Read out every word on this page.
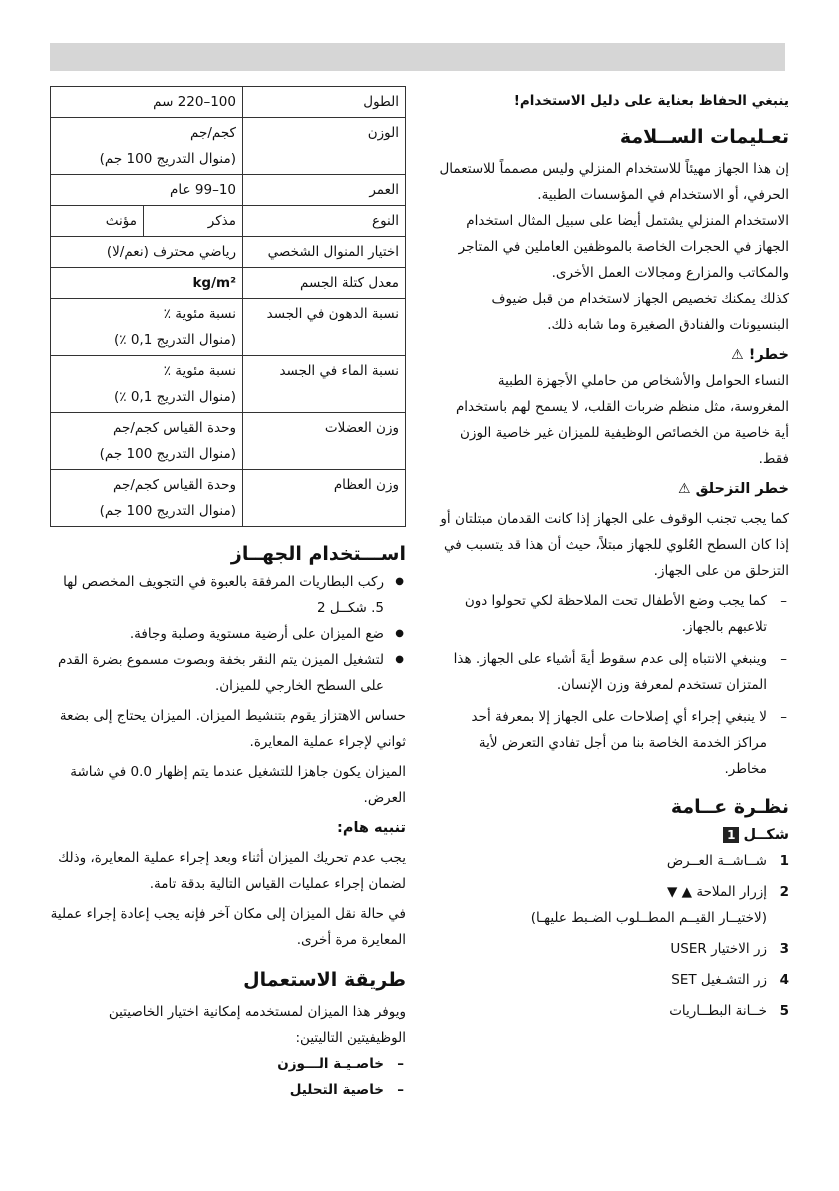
ينبغي الحفاظ بعناية على دليل الاستخدام!

تعـليمات الســلامة

إن هذا الجهاز مهيئاً للاستخدام المنزلي وليس مصمماً للاستعمال الحرفي، أو الاستخدام في المؤسسات الطبية.

الاستخدام المنزلي يشتمل أيضا على سبيل المثال استخدام الجهاز في الحجرات الخاصة بالموظفين العاملين في المتاجر والمكاتب والمزارع ومجالات العمل الأخرى.

كذلك يمكنك تخصيص الجهاز لاستخدام من قبل ضيوف البنسيونات والفنادق الصغيرة وما شابه ذلك.

خطر! ⚠

النساء الحوامل والأشخاص من حاملي الأجهزة الطبية المغروسة، مثل منظم ضربات القلب، لا يسمح لهم باستخدام أية خاصية من الخصائص الوظيفية للميزان غير خاصية الوزن فقط.

خطر التزحلق ⚠

كما يجب تجنب الوقوف على الجهاز إذا كانت القدمان مبتلتان أو إذا كان السطح العُلوي للجهاز مبتلاً، حيث أن هذا قد يتسبب في التزحلق من على الجهاز.

– كما يجب وضع الأطفال تحت الملاحظة لكي تحولوا دون تلاعبهم بالجهاز.
– وينبغي الانتباه إلى عدم سقوط أيةَ أشياء على الجهاز. هذا المتزان تستخدم لمعرفة وزن الإنسان.
– لا ينبغي إجراء أي إصلاحات على الجهاز إلا بمعرفة أحد مراكز الخدمة الخاصة بنا من أجل تفادي التعرض لأية مخاطر.

نظـرة عــامة

شكــل1

1
شــاشــة العــرض
2
إزرار الملاحة ▲ ▼
(لاختيــار القيــم المطــلوب الضـبط عليهـا)
3
زر الاختيار USER
4
زر التشـغيل SET
5
خــانة البطــاريات
الطول	100–220 سم	
الوزن	كجم/جم
(منوال التدريج 100 جم)	

العمر	10–99 عام	
النوع	مذكر	مؤنث
اختيار المنوال الشخصي	رياضي محترف (نعم/لا)	
معدل كتلة الجسم	kg/m²	
نسبة الدهون في الجسد	نسبة مئوية ٪
(منوال التدريج 0,1 ٪)	

نسبة الماء في الجسد	نسبة مئوية ٪
(منوال التدريج 0,1 ٪)	

وزن العضلات	وحدة القياس كجم/جم
(منوال التدريج 100 جم)	

وزن العظام	وحدة القياس كجم/جم
(منوال التدريج 100 جم)	

اســـتخدام الجهــاز

● ركب البطاريات المرفقة بالعبوة في التجويف المخصص لها 5. شكــل 2
● ضع الميزان على أرضية مستوية وصلبة وجافة.
● لتشغيل الميزن يتم النقر بخفة وبصوت مسموع بضرة القدم على السطح الخارجي للميزان.

حساس الاهتزاز يقوم بتنشيط الميزان. الميزان يحتاج إلى بضعة ثواني لإجراء عملية المعايرة.

الميزان يكون جاهزا للتشغيل عندما يتم إظهار 0.0 في شاشة العرض.

تنبيه هام:

يجب عدم تحريك الميزان أثناء وبعد إجراء عملية المعايرة، وذلك لضمان إجراء عمليات القياس التالية بدقة تامة.

في حالة نقل الميزان إلى مكان آخر فإنه يجب إعادة إجراء عملية المعايرة مرة أخرى.

طريقة الاستعمال

ويوفر هذا الميزان لمستخدمه إمكانية اختيار الخاصيتين الوظيفيتين التاليتين:

– خاصـيـة الـــوزن
– خاصية التحليل
